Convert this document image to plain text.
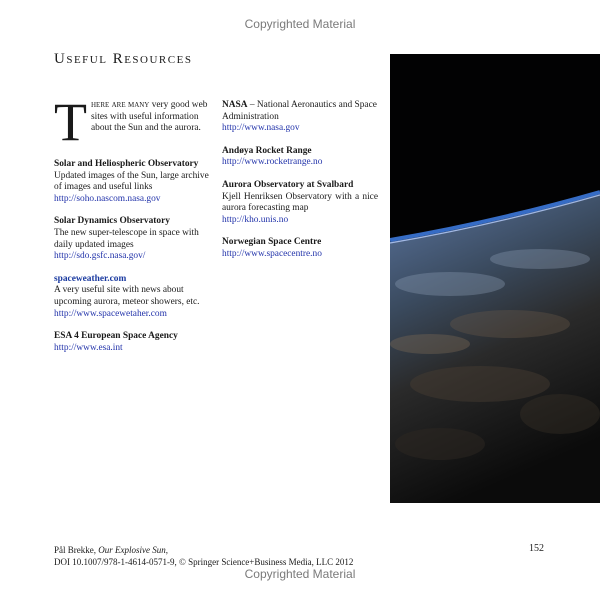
Copyrighted Material
Useful Resources
T here are many very good web sites with useful information about the Sun and the aurora.
Solar and Heliospheric Observatory
Updated images of the Sun, large archive of images and useful links
http://soho.nascom.nasa.gov
Solar Dynamics Observatory
The new super-telescope in space with daily updated images
http://sdo.gsfc.nasa.gov/
spaceweather.com
A very useful site with news about upcoming aurora, meteor showers, etc.
http://www.spacewetaher.com
ESA 4 European Space Agency
http://www.esa.int
NASA – National Aeronautics and Space Administration
http://www.nasa.gov
Andøya Rocket Range
http://www.rocketrange.no
Aurora Observatory at Svalbard
Kjell Henriksen Observatory with a nice aurora forecasting map
http://kho.unis.no
Norwegian Space Centre
http://www.spacecentre.no
Pål Brekke, Our Explosive Sun,
DOI 10.1007/978-1-4614-0571-9, © Springer Science+Business Media, LLC 2012
152
Copyrighted Material
